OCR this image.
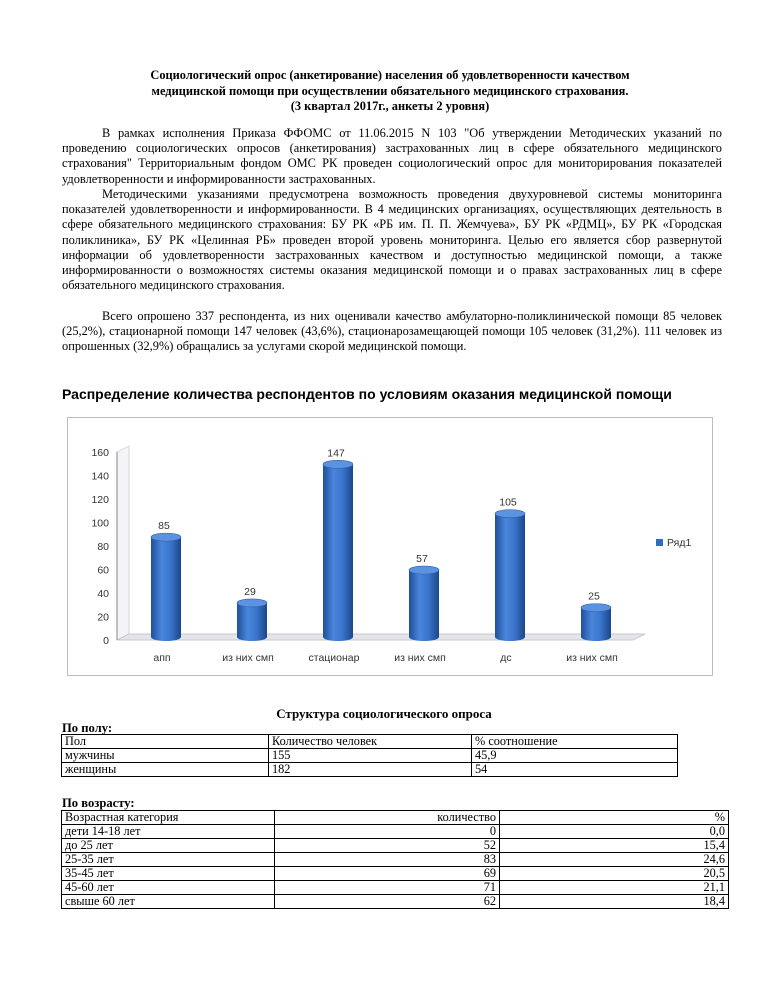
Социологический опрос (анкетирование) населения об удовлетворенности качеством
медицинской помощи при осуществлении обязательного медицинского страхования.
(3 квартал 2017г., анкеты 2 уровня)

В рамках исполнения Приказа ФФОМС от 11.06.2015 N 103 "Об утверждении Методических указаний по проведению социологических опросов (анкетирования) застрахованных лиц в сфере обязательного медицинского страхования" Территориальным фондом ОМС РК проведен социологический опрос для мониторирования показателей удовлетворенности и информированности застрахованных.

Методическими указаниями предусмотрена возможность проведения двухуровневой системы мониторинга показателей удовлетворенности и информированности. В 4 медицинских организациях, осуществляющих деятельность в сфере обязательного медицинского страхования: БУ РК «РБ им. П. П. Жемчуева», БУ РК «РДМЦ», БУ РК «Городская поликлиника», БУ РК «Целинная РБ» проведен второй уровень мониторинга. Целью его является сбор развернутой информации об удовлетворенности застрахованных качеством и доступностью медицинской помощи, а также информированности о возможностях системы оказания медицинской помощи и о правах застрахованных лиц в сфере обязательного медицинского страхования.

Всего опрошено 337 респондента, из них оценивали качество амбулаторно-поликлинической помощи 85 человек (25,2%), стационарной помощи 147 человек (43,6%), стационарозамещающей помощи 105 человек (31,2%). 111 человек из опрошенных (32,9%) обращались за услугами скорой медицинской помощи.

Распределение количества респондентов по условиям оказания медицинской помощи
0
20
40
60
80
100
120
140
160
85
апп
29
из них смп
147
стационар
57
из них смп
105
дс
25
из них смп
Ряд1
Структура социологического опроса
По полу:
Пол	Количество человек	% соотношение
мужчины	155	45,9
женщины	182	54
По возрасту:
Возрастная категория	количество	%
дети 14-18 лет	0	0,0
до 25 лет	52	15,4
25-35 лет	83	24,6
35-45 лет	69	20,5
45-60 лет	71	21,1
свыше 60 лет	62	18,4
